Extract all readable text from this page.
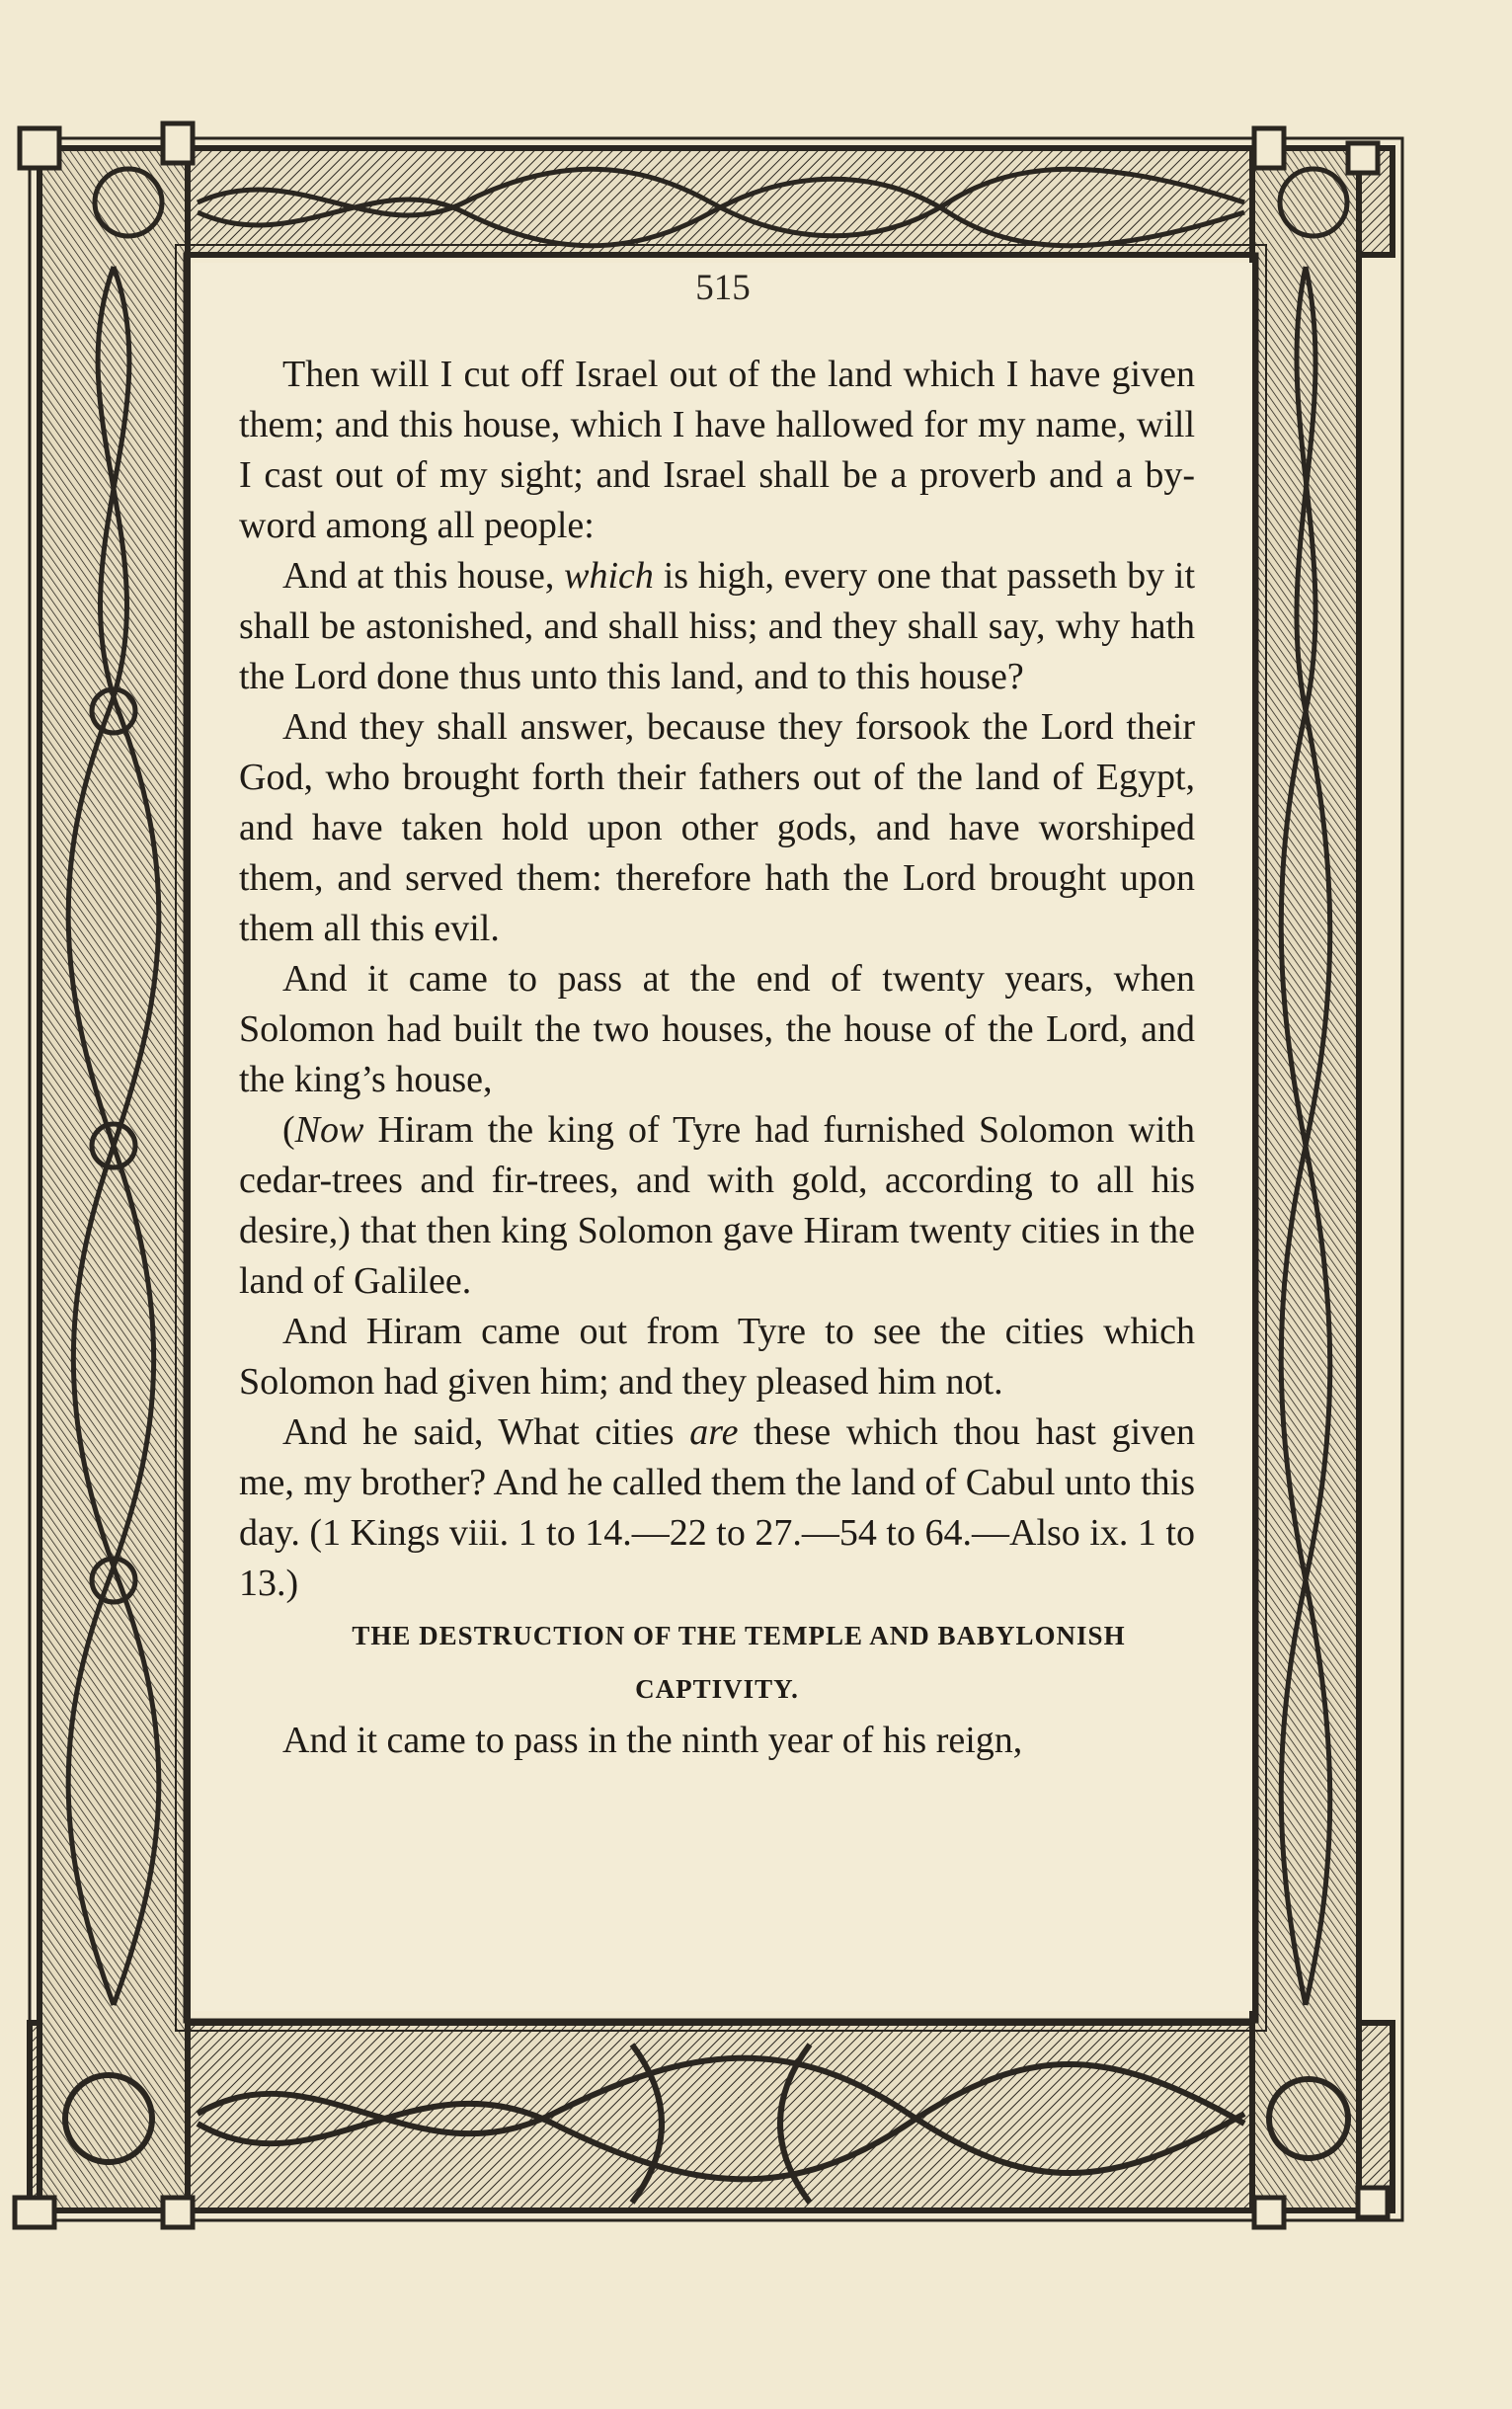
515

Then will I cut off Israel out of the land which I have given them; and this house, which I have hallowed for my name, will I cast out of my sight; and Israel shall be a proverb and a by-word among all people:

And at this house, which is high, every one that passeth by it shall be astonished, and shall hiss; and they shall say, why hath the Lord done thus unto this land, and to this house?

And they shall answer, because they forsook the Lord their God, who brought forth their fathers out of the land of Egypt, and have taken hold upon other gods, and have worshiped them, and served them: therefore hath the Lord brought upon them all this evil.

And it came to pass at the end of twenty years, when Solomon had built the two houses, the house of the Lord, and the king’s house,

(Now Hiram the king of Tyre had furnished Solomon with cedar-trees and fir-trees, and with gold, according to all his desire,) that then king Solomon gave Hiram twenty cities in the land of Galilee.

And Hiram came out from Tyre to see the cities which Solomon had given him; and they pleased him not.

And he said, What cities are these which thou hast given me, my brother? And he called them the land of Cabul unto this day. (1 Kings viii. 1 to 14.—22 to 27.—54 to 64.—Also ix. 1 to 13.)

THE DESTRUCTION OF THE TEMPLE AND BABYLONISH CAPTIVITY.

And it came to pass in the ninth year of his reign,
